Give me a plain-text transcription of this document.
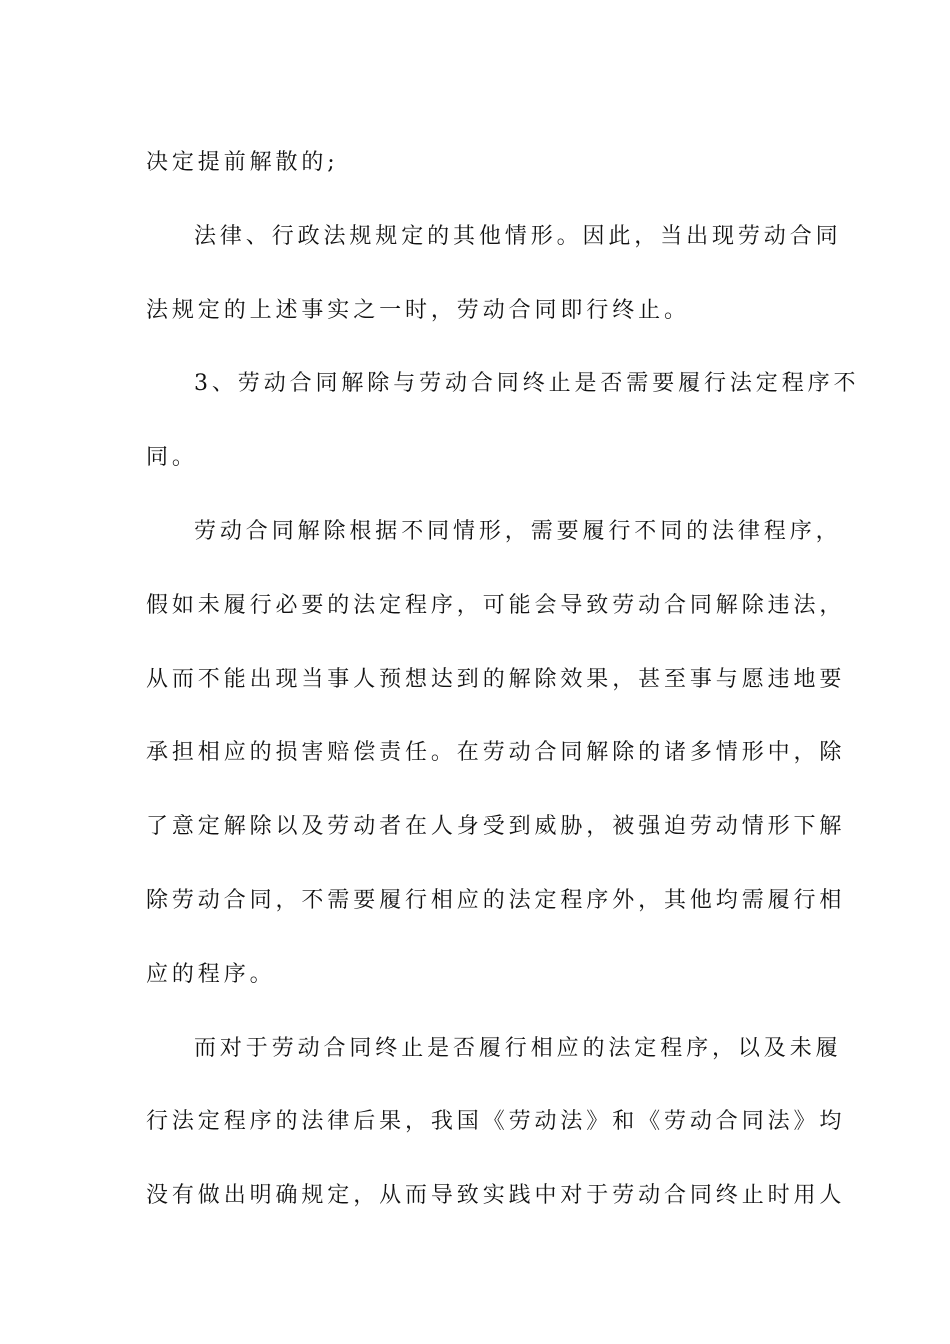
决定提前解散的;
法律、行政法规规定的其他情形。因此，当出现劳动合同
法规定的上述事实之一时，劳动合同即行终止。
3、劳动合同解除与劳动合同终止是否需要履行法定程序不
同。
劳动合同解除根据不同情形，需要履行不同的法律程序，
假如未履行必要的法定程序，可能会导致劳动合同解除违法，
从而不能出现当事人预想达到的解除效果，甚至事与愿违地要
承担相应的损害赔偿责任。在劳动合同解除的诸多情形中，除
了意定解除以及劳动者在人身受到威胁，被强迫劳动情形下解
除劳动合同，不需要履行相应的法定程序外，其他均需履行相
应的程序。
而对于劳动合同终止是否履行相应的法定程序，以及未履
行法定程序的法律后果，我国《劳动法》和《劳动合同法》均
没有做出明确规定，从而导致实践中对于劳动合同终止时用人
